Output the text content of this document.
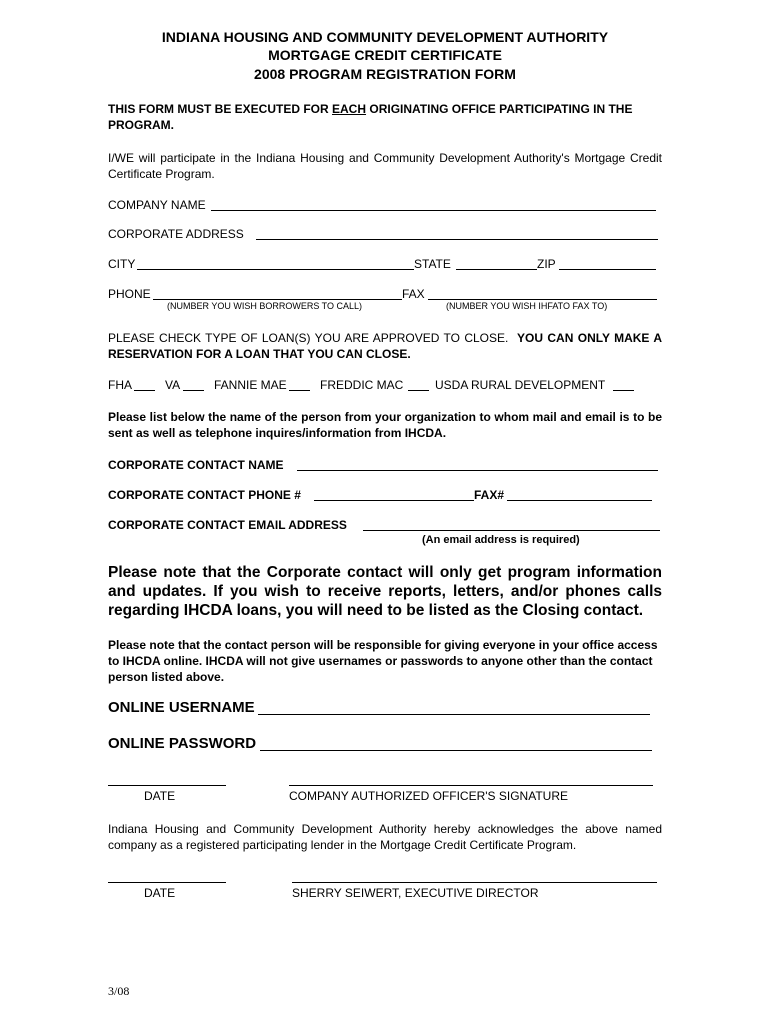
INDIANA HOUSING AND COMMUNITY DEVELOPMENT AUTHORITY
MORTGAGE CREDIT CERTIFICATE
2008 PROGRAM REGISTRATION FORM
THIS FORM MUST BE EXECUTED FOR EACH ORIGINATING OFFICE PARTICIPATING IN THE PROGRAM.
I/WE will participate in the Indiana Housing and Community Development Authority's Mortgage Credit Certificate Program.
COMPANY NAME
CORPORATE ADDRESS
CITY	STATE	ZIP
PHONE	FAX
(NUMBER YOU WISH BORROWERS TO CALL)	(NUMBER YOU WISH IHFATO FAX TO)
PLEASE CHECK TYPE OF LOAN(S) YOU ARE APPROVED TO CLOSE. YOU CAN ONLY MAKE A RESERVATION FOR A LOAN THAT YOU CAN CLOSE.
FHA	VA	FANNIE MAE	FREDDIC MAC	USDA RURAL DEVELOPMENT
Please list below the name of the person from your organization to whom mail and email is to be sent as well as telephone inquires/information from IHCDA.
CORPORATE CONTACT NAME
CORPORATE CONTACT PHONE #	FAX#
CORPORATE CONTACT EMAIL ADDRESS
(An email address is required)
Please note that the Corporate contact will only get program information and updates. If you wish to receive reports, letters, and/or phones calls regarding IHCDA loans, you will need to be listed as the Closing contact.
Please note that the contact person will be responsible for giving everyone in your office access to IHCDA online. IHCDA will not give usernames or passwords to anyone other than the contact person listed above.
ONLINE USERNAME
ONLINE PASSWORD
DATE	COMPANY AUTHORIZED OFFICER'S SIGNATURE
Indiana Housing and Community Development Authority hereby acknowledges the above named company as a registered participating lender in the Mortgage Credit Certificate Program.
DATE	SHERRY SEIWERT, EXECUTIVE DIRECTOR
3/08
